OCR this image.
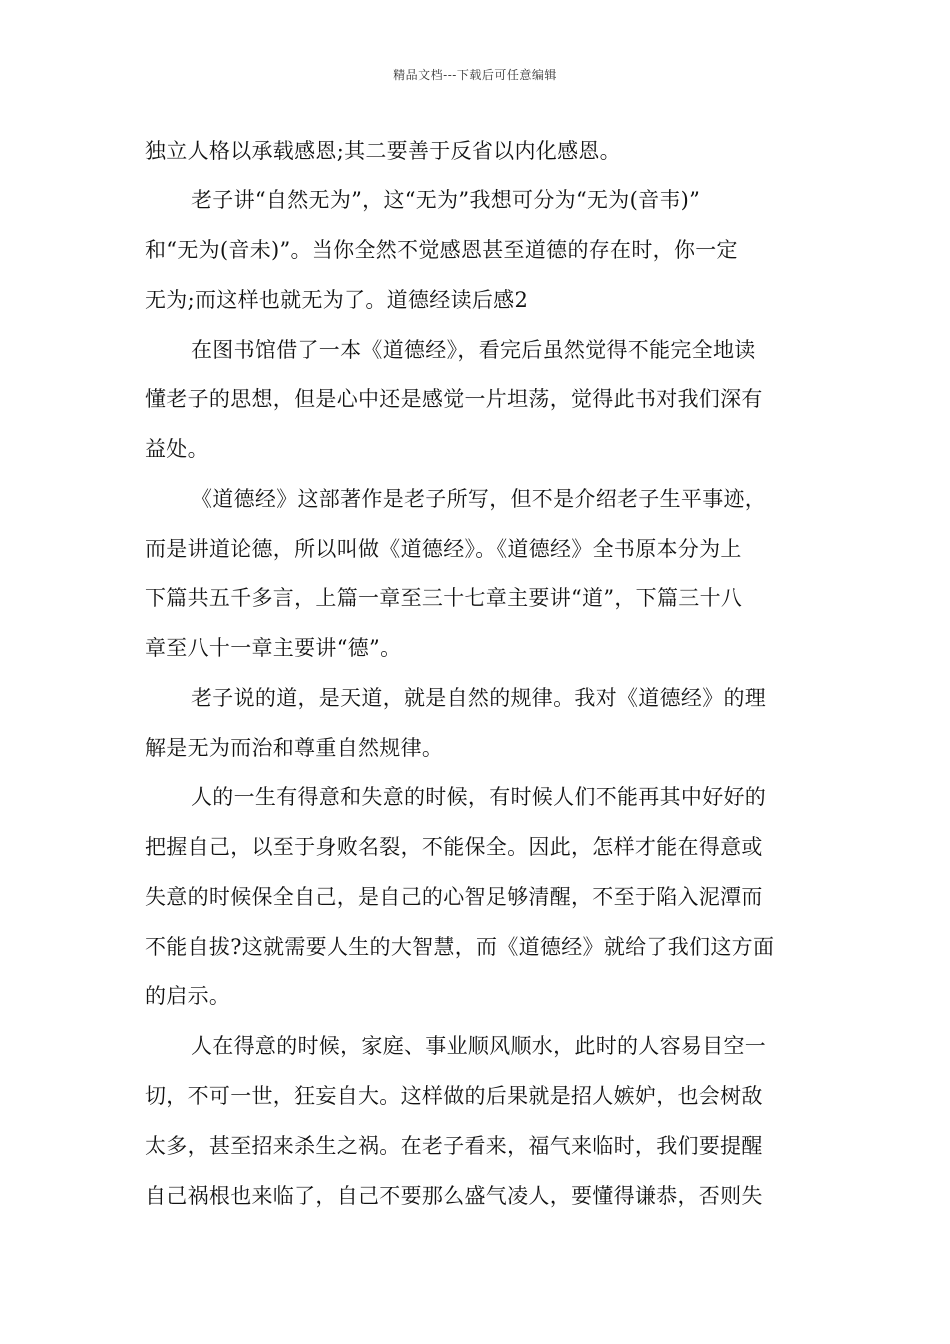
精品文档---下载后可任意编辑
独立人格以承载感恩;其二要善于反省以内化感恩。
老子讲“自然无为”，这“无为”我想可分为“无为(音韦)”
和“无为(音未)”。当你全然不觉感恩甚至道德的存在时，你一定
无为;而这样也就无为了。道德经读后感2
在图书馆借了一本《道德经》，看完后虽然觉得不能完全地读
懂老子的思想，但是心中还是感觉一片坦荡，觉得此书对我们深有
益处。
《道德经》这部著作是老子所写，但不是介绍老子生平事迹，
而是讲道论德，所以叫做《道德经》。《道德经》全书原本分为上
下篇共五千多言，上篇一章至三十七章主要讲“道”，下篇三十八
章至八十一章主要讲“德”。
老子说的道，是天道，就是自然的规律。我对《道德经》的理
解是无为而治和尊重自然规律。
人的一生有得意和失意的时候，有时候人们不能再其中好好的
把握自己，以至于身败名裂，不能保全。因此，怎样才能在得意或
失意的时候保全自己，是自己的心智足够清醒，不至于陷入泥潭而
不能自拔?这就需要人生的大智慧，而《道德经》就给了我们这方面
的启示。
人在得意的时候，家庭、事业顺风顺水，此时的人容易目空一
切，不可一世，狂妄自大。这样做的后果就是招人嫉妒，也会树敌
太多，甚至招来杀生之祸。在老子看来，福气来临时，我们要提醒
自己祸根也来临了，自己不要那么盛气凌人，要懂得谦恭，否则失
